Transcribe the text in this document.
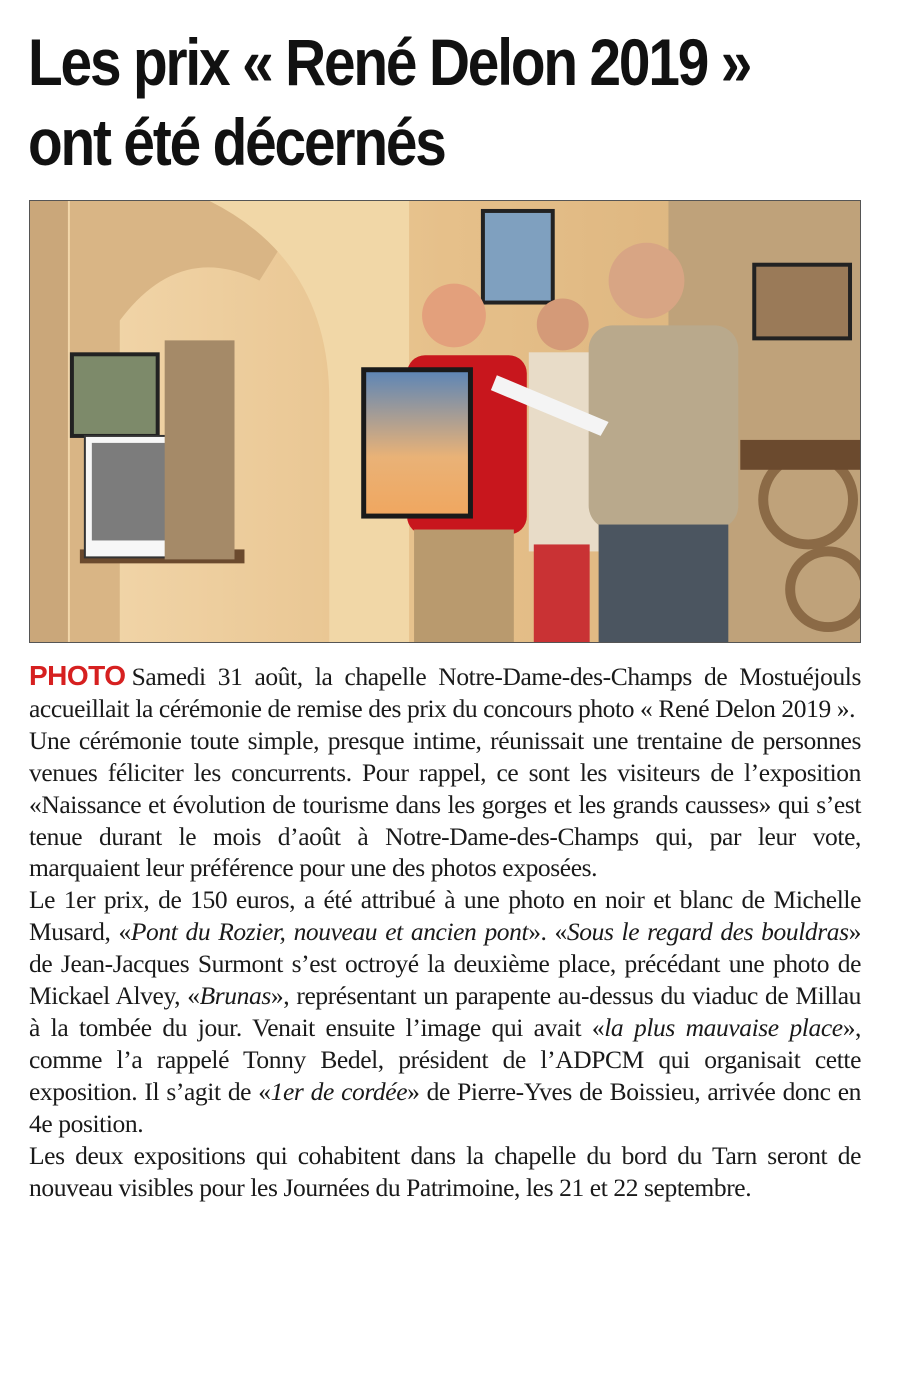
Les prix « René Delon 2019 »
ont été décernés

PHOTO Samedi 31 août, la chapelle Notre-Dame-des-Champs de Mostuéjouls accueillait la cérémonie de remise des prix du concours photo « René Delon 2019 ».

Une cérémonie toute simple, presque intime, réunissait une trentaine de personnes venues féliciter les concurrents. Pour rappel, ce sont les visiteurs de l’exposition «Naissance et évolution de tourisme dans les gorges et les grands causses» qui s’est tenue durant le mois d’août à Notre-Dame-des-Champs qui, par leur vote, marquaient leur préférence pour une des photos exposées.

Le 1er prix, de 150 euros, a été attribué à une photo en noir et blanc de Michelle Musard, «Pont du Rozier, nouveau et ancien pont». «Sous le regard des bouldras» de Jean-Jacques Surmont s’est octroyé la deuxième place, précédant une photo de Mickael Alvey, «Brunas», représentant un parapente au-dessus du viaduc de Millau à la tombée du jour. Venait ensuite l’image qui avait «la plus mauvaise place», comme l’a rappelé Tonny Bedel, président de l’ADPCM qui organisait cette exposition. Il s’agit de «1er de cordée» de Pierre-Yves de Boissieu, arrivée donc en 4e position.

Les deux expositions qui cohabitent dans la chapelle du bord du Tarn seront de nouveau visibles pour les Journées du Patrimoine, les 21 et 22 septembre.
